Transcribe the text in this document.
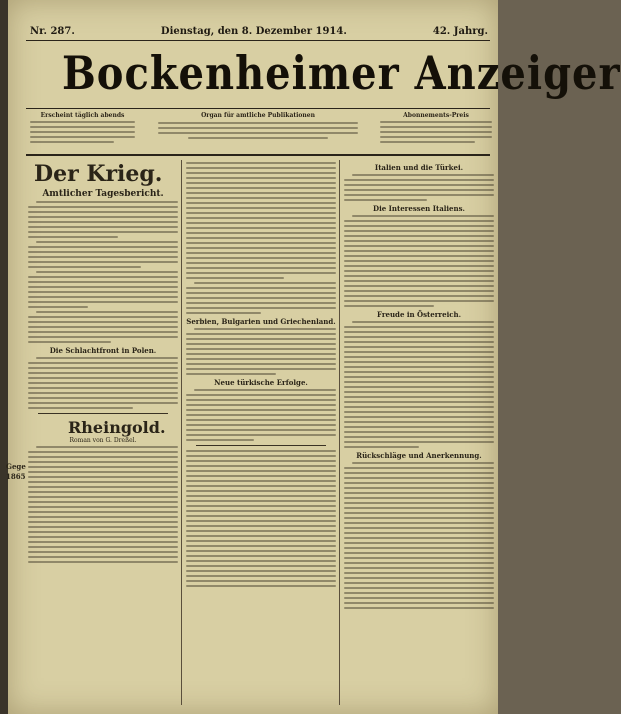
Nr. 287.	Dienstag, den 8. Dezember 1914.	42. Jahrg.
Bockenheimer Anzeiger
Erscheint täglich abends	Organ für amtliche Publikationen	Abonnements-Preis
Der Krieg.
Amtlicher Tagesbericht.
Die Schlachtfront in Polen.
Rheingold.
Roman von G. Dreßel.
Serbien, Bulgarien und Griechenland.
Neue türkische Erfolge.
Italien und die Türkei.
Die Interessen Italiens.
Freude in Österreich.
Rückschläge und Anerkennung.
Gege
1865
